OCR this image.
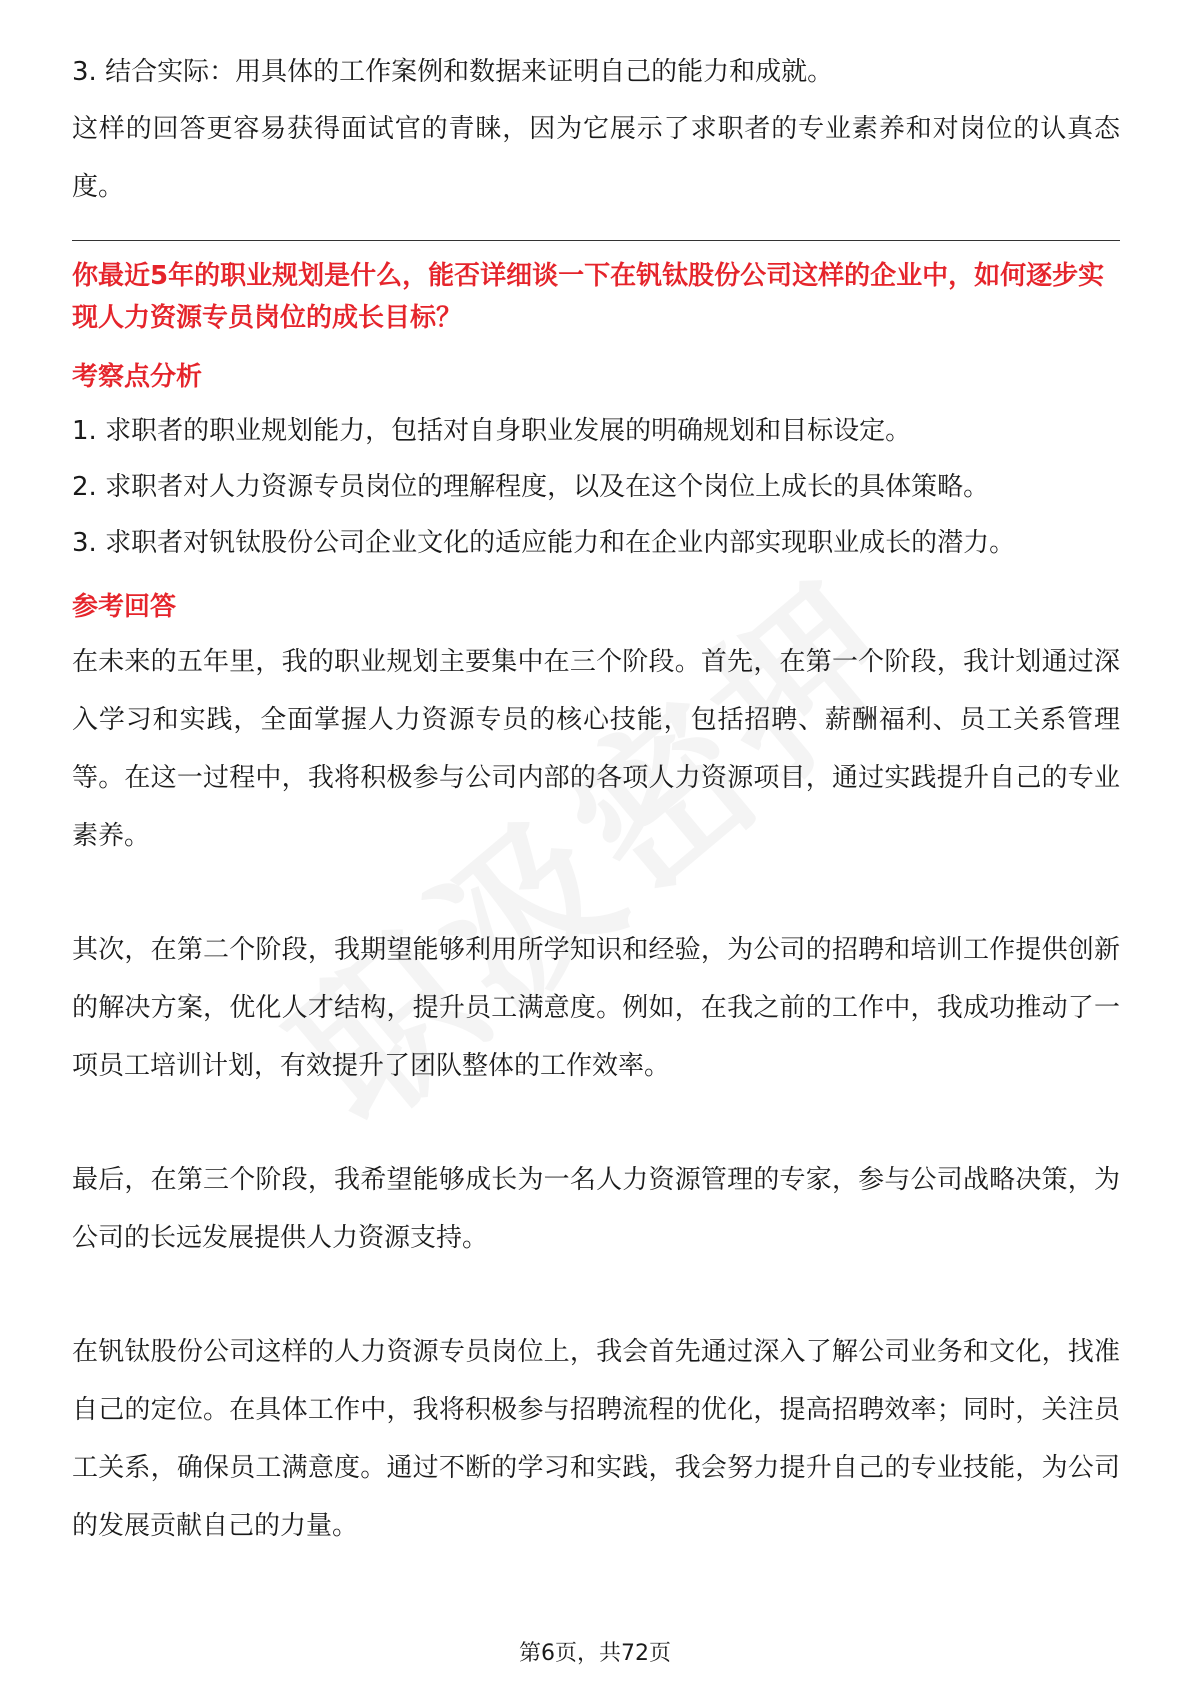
3. 结合实际：用具体的工作案例和数据来证明自己的能力和成就。

这样的回答更容易获得面试官的青睐，因为它展示了求职者的专业素养和对岗位的认真态度。

你最近5年的职业规划是什么，能否详细谈一下在钒钛股份公司这样的企业中，如何逐步实现人力资源专员岗位的成长目标？

考察点分析

1. 求职者的职业规划能力，包括对自身职业发展的明确规划和目标设定。

2. 求职者对人力资源专员岗位的理解程度，以及在这个岗位上成长的具体策略。

3. 求职者对钒钛股份公司企业文化的适应能力和在企业内部实现职业成长的潜力。

参考回答

在未来的五年里，我的职业规划主要集中在三个阶段。首先，在第一个阶段，我计划通过深入学习和实践，全面掌握人力资源专员的核心技能，包括招聘、薪酬福利、员工关系管理等。在这一过程中，我将积极参与公司内部的各项人力资源项目，通过实践提升自己的专业素养。

其次，在第二个阶段，我期望能够利用所学知识和经验，为公司的招聘和培训工作提供创新的解决方案，优化人才结构，提升员工满意度。例如，在我之前的工作中，我成功推动了一项员工培训计划，有效提升了团队整体的工作效率。

最后，在第三个阶段，我希望能够成长为一名人力资源管理的专家，参与公司战略决策，为公司的长远发展提供人力资源支持。

在钒钛股份公司这样的人力资源专员岗位上，我会首先通过深入了解公司业务和文化，找准自己的定位。在具体工作中，我将积极参与招聘流程的优化，提高招聘效率；同时，关注员工关系，确保员工满意度。通过不断的学习和实践，我会努力提升自己的专业技能，为公司的发展贡献自己的力量。

第6页，共72页
